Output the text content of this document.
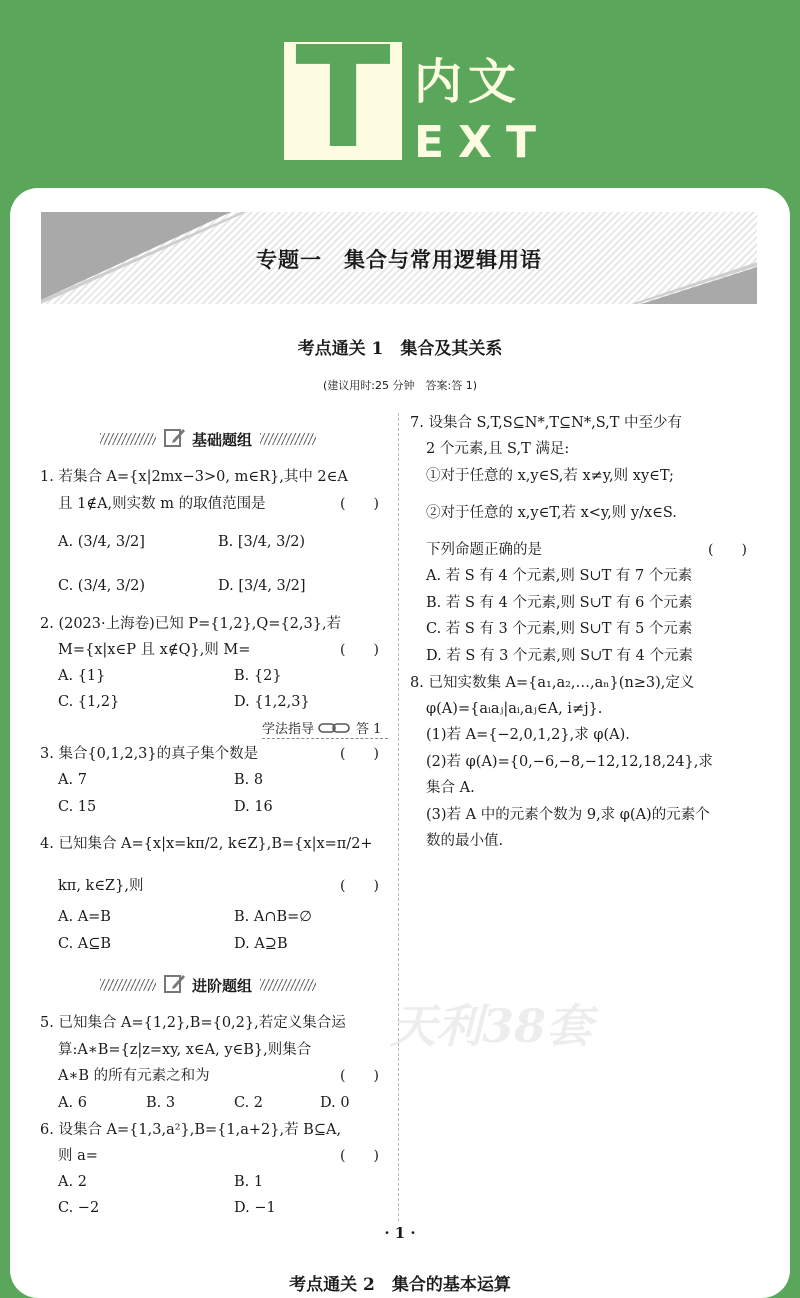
T 内文
EXT
专题一　集合与常用逻辑用语
考点通关 1　集合及其关系
(建议用时:25 分钟　答案:答 1)
基础题组
1. 若集合 A={x|2mx−3>0, m∈R},其中 2∈A
且 1∉A,则实数 m 的取值范围是	(　　)
A. (3/4, 3/2]	B. [3/4, 3/2)
C. (3/4, 3/2)	D. [3/4, 3/2]
2. (2023·上海卷)已知 P={1,2},Q={2,3},若
M={x|x∈P 且 x∉Q},则 M=	(　　)
A. {1}	B. {2}
C. {1,2}	D. {1,2,3}
学法指导	答 1
3. 集合{0,1,2,3}的真子集个数是	(　　)
A. 7	B. 8
C. 15	D. 16
4. 已知集合 A={x|x=kπ/2, k∈Z},B={x|x=π/2+
kπ, k∈Z},则	(　　)
A. A=B	B. A∩B=∅
C. A⊆B	D. A⊇B
进阶题组
天利38套
5. 已知集合 A={1,2},B={0,2},若定义集合运
算:A∗B={z|z=xy, x∈A, y∈B},则集合
A∗B 的所有元素之和为	(　　)
A. 6	B. 3	C. 2	D. 0
6. 设集合 A={1,3,a²},B={1,a+2},若 B⊆A,
则 a=	(　　)
A. 2	B. 1
C. −2	D. −1
7. 设集合 S,T,S⊆N*,T⊆N*,S,T 中至少有
2 个元素,且 S,T 满足:
①对于任意的 x,y∈S,若 x≠y,则 xy∈T;
②对于任意的 x,y∈T,若 x<y,则 y/x∈S.
下列命题正确的是	(　　)
A. 若 S 有 4 个元素,则 S∪T 有 7 个元素
B. 若 S 有 4 个元素,则 S∪T 有 6 个元素
C. 若 S 有 3 个元素,则 S∪T 有 5 个元素
D. 若 S 有 3 个元素,则 S∪T 有 4 个元素
8. 已知实数集 A={a₁,a₂,…,aₙ}(n≥3),定义
φ(A)={aᵢaⱼ|aᵢ,aⱼ∈A, i≠j}.
(1)若 A={−2,0,1,2},求 φ(A).
(2)若 φ(A)={0,−6,−8,−12,12,18,24},求
集合 A.
(3)若 A 中的元素个数为 9,求 φ(A)的元素个
数的最小值.
· 1 ·
考点通关 2　集合的基本运算
